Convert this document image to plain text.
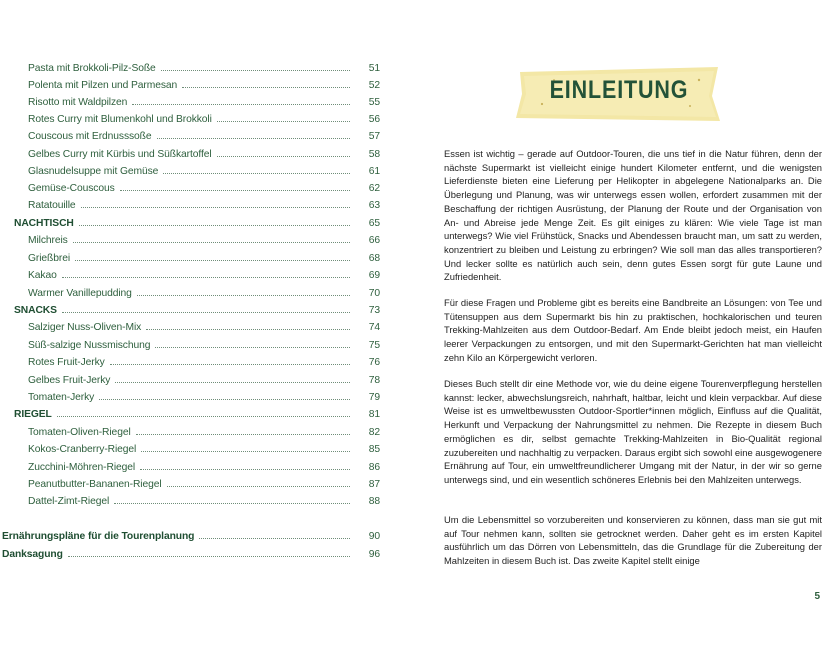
Pasta mit Brokkoli-Pilz-Soße	51
Polenta mit Pilzen und Parmesan	52
Risotto mit Waldpilzen	55
Rotes Curry mit Blumenkohl und Brokkoli	56
Couscous mit Erdnusssoße	57
Gelbes Curry mit Kürbis und Süßkartoffel	58
Glasnudelsuppe mit Gemüse	61
Gemüse-Couscous	62
Ratatouille	63
NACHTISCH	65
Milchreis	66
Grießbrei	68
Kakao	69
Warmer Vanillepudding	70
SNACKS	73
Salziger Nuss-Oliven-Mix	74
Süß-salzige Nussmischung	75
Rotes Fruit-Jerky	76
Gelbes Fruit-Jerky	78
Tomaten-Jerky	79
RIEGEL	81
Tomaten-Oliven-Riegel	82
Kokos-Cranberry-Riegel	85
Zucchini-Möhren-Riegel	86
Peanutbutter-Bananen-Riegel	87
Dattel-Zimt-Riegel	88
Ernährungspläne für die Tourenplanung	90
Danksagung	96
EINLEITUNG

Essen ist wichtig – gerade auf Outdoor-Touren, die uns tief in die Natur führen, denn der nächste Supermarkt ist vielleicht einige hundert Kilometer entfernt, und die wenigsten Lieferdienste bieten eine Lieferung per Helikopter in abgelegene Nationalparks an. Die Überlegung und Planung, was wir unterwegs essen wollen, erfordert zusammen mit der Beschaffung der richtigen Ausrüstung, der Planung der Route und der Organisation von An- und Abreise jede Menge Zeit. Es gilt einiges zu klären: Wie viele Tage ist man unterwegs? Wie viel Frühstück, Snacks und Abendessen braucht man, um satt zu werden, konzentriert zu bleiben und Leistung zu erbringen? Wie soll man das alles transportieren? Und lecker sollte es natürlich auch sein, denn gutes Essen sorgt für gute Laune und Zufriedenheit.

Für diese Fragen und Probleme gibt es bereits eine Bandbreite an Lösungen: von Tee und Tütensuppen aus dem Supermarkt bis hin zu praktischen, hochkalorischen und teuren Trekking-Mahlzeiten aus dem Outdoor-Bedarf. Am Ende bleibt jedoch meist, ein Haufen leerer Verpackungen zu entsorgen, und mit den Supermarkt-Gerichten hat man vielleicht zehn Kilo an Körpergewicht verloren.

Dieses Buch stellt dir eine Methode vor, wie du deine eigene Tourenverpflegung herstellen kannst: lecker, abwechslungsreich, nahrhaft, haltbar, leicht und klein verpackbar. Auf diese Weise ist es umweltbewussten Outdoor-Sportler*innen möglich, Einfluss auf die Qualität, Herkunft und Verpackung der Nahrungsmittel zu nehmen. Die Rezepte in diesem Buch ermöglichen es dir, selbst gemachte Trekking-Mahlzeiten in Bio-Qualität regional zuzubereiten und nachhaltig zu verpacken. Daraus ergibt sich sowohl eine ausgewogenere Ernährung auf Tour, ein umweltfreundlicherer Umgang mit der Natur, in der wir so gerne unterwegs sind, und ein wesentlich schöneres Erlebnis bei den Mahlzeiten unterwegs.

Um die Lebensmittel so vorzubereiten und konservieren zu können, dass man sie gut mit auf Tour nehmen kann, sollten sie getrocknet werden. Daher geht es im ersten Kapitel ausführlich um das Dörren von Lebensmitteln, das die Grundlage für die Zubereitung der Mahlzeiten in diesem Buch ist. Das zweite Kapitel stellt einige

5
